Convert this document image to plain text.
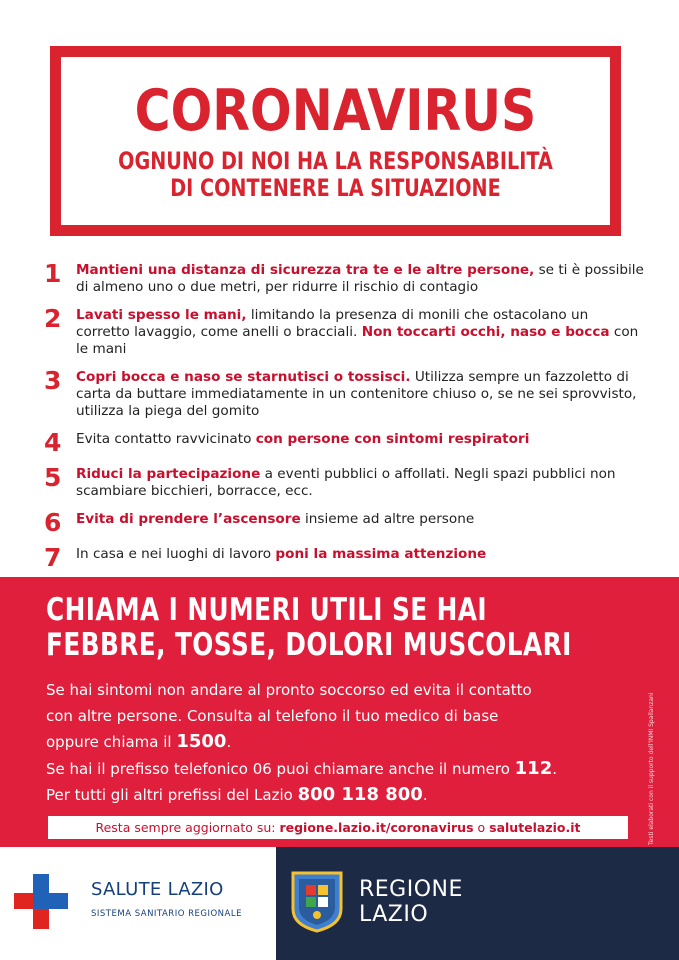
CORONAVIRUS
OGNUNO DI NOI HA LA RESPONSABILITÀ
DI CONTENERE LA SITUAZIONE
1	Mantieni una distanza di sicurezza tra te e le altre persone, se ti è possibile di almeno uno o due metri, per ridurre il rischio di contagio
2	Lavati spesso le mani, limitando la presenza di monili che ostacolano un corretto lavaggio, come anelli o bracciali. Non toccarti occhi, naso e bocca con le mani
3	Copri bocca e naso se starnutisci o tossisci. Utilizza sempre un fazzoletto di carta da buttare immediatamente in un contenitore chiuso o, se ne sei sprovvisto, utilizza la piega del gomito
4	Evita contatto ravvicinato con persone con sintomi respiratori
5	Riduci la partecipazione a eventi pubblici o affollati. Negli spazi pubblici non scambiare bicchieri, borracce, ecc.
6	Evita di prendere l’ascensore insieme ad altre persone
7	In casa e nei luoghi di lavoro poni la massima attenzione
CHIAMA I NUMERI UTILI SE HAI
FEBBRE, TOSSE, DOLORI MUSCOLARI
Se hai sintomi non andare al pronto soccorso ed evita il contatto
con altre persone. Consulta al telefono il tuo medico di base
oppure chiama il 1500.
Se hai il prefisso telefonico 06 puoi chiamare anche il numero 112.
Per tutti gli altri prefissi del Lazio 800 118 800.
Resta sempre aggiornato su: regione.lazio.it/coronavirus o salutelazio.it	Testi elaborati con il supporto dell'INMI Spallanzani
SALUTE LAZIO
SISTEMA SANITARIO REGIONALE
REGIONE
LAZIO
